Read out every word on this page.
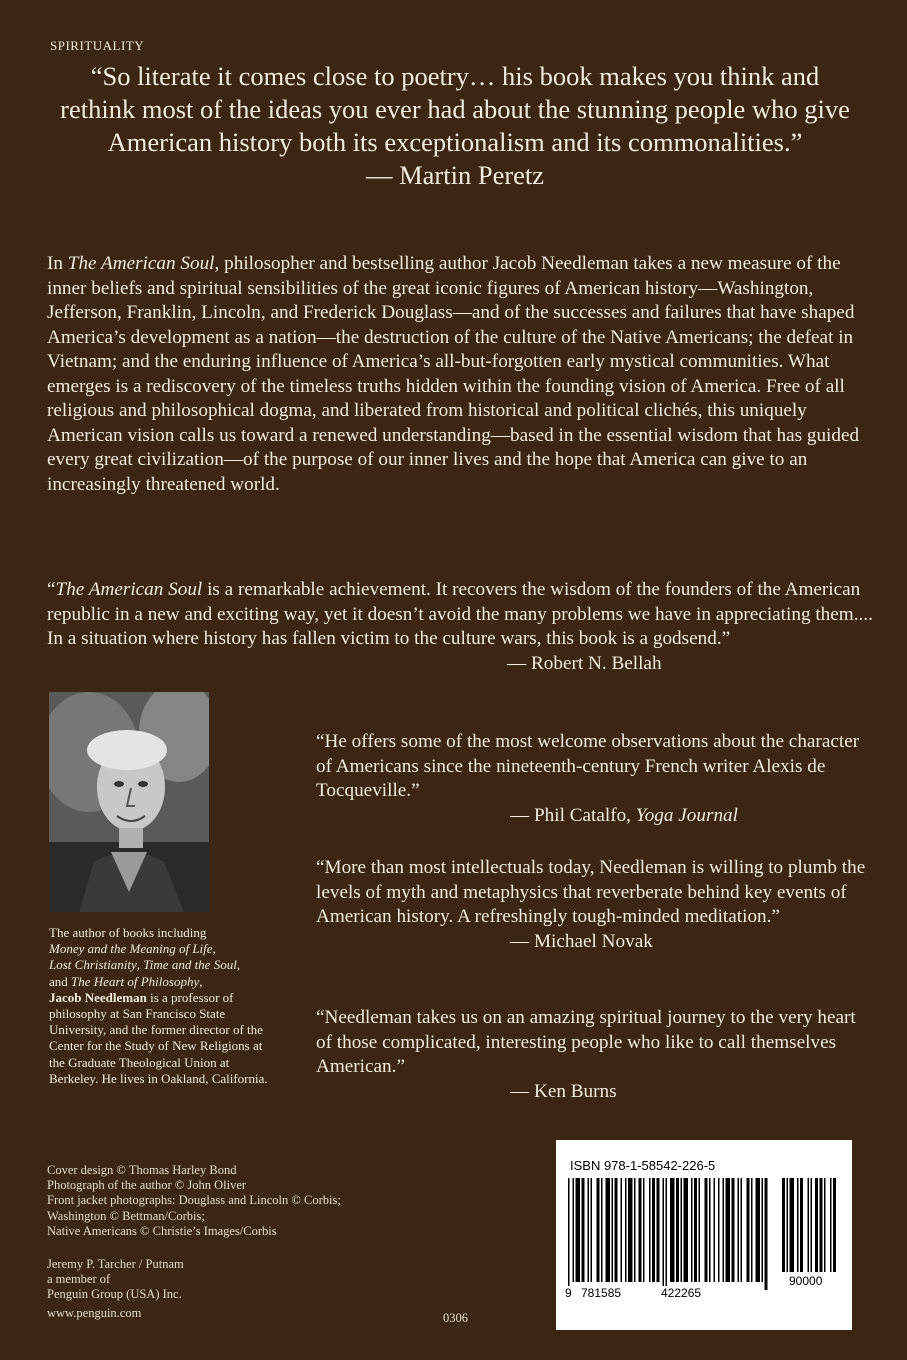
SPIRITUALITY
“So literate it comes close to poetry… his book makes you think and rethink most of the ideas you ever had about the stunning people who give American history both its exceptionalism and its commonalities.”
— Martin Peretz
In The American Soul, philosopher and bestselling author Jacob Needleman takes a new measure of the inner beliefs and spiritual sensibilities of the great iconic figures of American history—Washington, Jefferson, Franklin, Lincoln, and Frederick Douglass—and of the successes and failures that have shaped America’s development as a nation—the destruction of the culture of the Native Americans; the defeat in Vietnam; and the enduring influence of America’s all-but-forgotten early mystical communities. What emerges is a rediscovery of the timeless truths hidden within the founding vision of America. Free of all religious and philosophical dogma, and liberated from historical and political clichés, this uniquely American vision calls us toward a renewed understanding—based in the essential wisdom that has guided every great civilization—of the purpose of our inner lives and the hope that America can give to an increasingly threatened world.
“The American Soul is a remarkable achievement. It recovers the wisdom of the founders of the American republic in a new and exciting way, yet it doesn’t avoid the many problems we have in appreciating them.... In a situation where history has fallen victim to the culture wars, this book is a godsend.”
— Robert N. Bellah
The author of books including
Money and the Meaning of Life,
Lost Christianity, Time and the Soul,
and The Heart of Philosophy,
Jacob Needleman is a professor of philosophy at San Francisco State University, and the former director of the Center for the Study of New Religions at the Graduate Theological Union at Berkeley. He lives in Oakland, California.
“He offers some of the most welcome observations about the character of Americans since the nineteenth-century French writer Alexis de Tocqueville.”
— Phil Catalfo, Yoga Journal
“More than most intellectuals today, Needleman is willing to plumb the levels of myth and metaphysics that reverberate behind key events of American history. A refreshingly tough-minded meditation.”
— Michael Novak
“Needleman takes us on an amazing spiritual journey to the very heart of those complicated, interesting people who like to call themselves American.”
— Ken Burns
Cover design © Thomas Harley Bond
Photograph of the author © John Oliver
Front jacket photographs: Douglass and Lincoln © Corbis;
Washington © Bettman/Corbis;
Native Americans © Christie’s Images/Corbis
Jeremy P. Tarcher / Putnam
a member of
Penguin Group (USA) Inc.
www.penguin.com	0306
ISBN 978-1-58542-226-5
9 781585	422265
90000
